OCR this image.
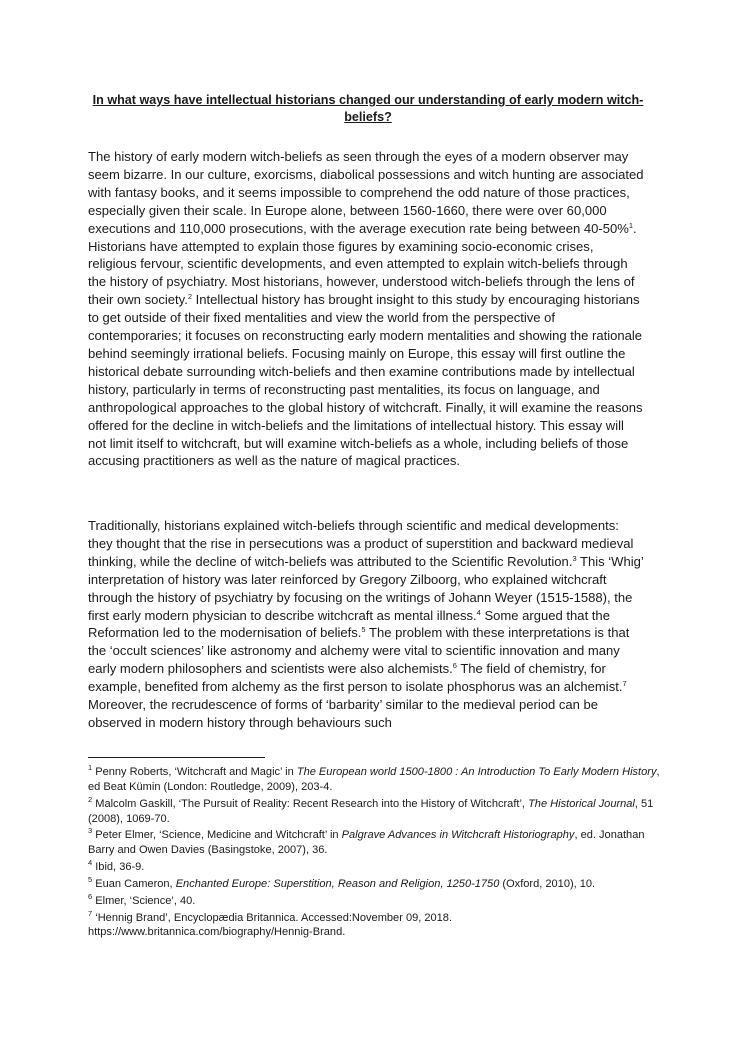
In what ways have intellectual historians changed our understanding of early modern witch-beliefs?

The history of early modern witch-beliefs as seen through the eyes of a modern observer may seem bizarre. In our culture, exorcisms, diabolical possessions and witch hunting are associated with fantasy books, and it seems impossible to comprehend the odd nature of those practices, especially given their scale. In Europe alone, between 1560-1660, there were over 60,000 executions and 110,000 prosecutions, with the average execution rate being between 40-50%$^1$. Historians have attempted to explain those figures by examining socio-economic crises, religious fervour, scientific developments, and even attempted to explain witch-beliefs through the history of psychiatry. Most historians, however, understood witch-beliefs through the lens of their own society.$^2$ Intellectual history has brought insight to this study by encouraging historians to get outside of their fixed mentalities and view the world from the perspective of contemporaries; it focuses on reconstructing early modern mentalities and showing the rationale behind seemingly irrational beliefs. Focusing mainly on Europe, this essay will first outline the historical debate surrounding witch-beliefs and then examine contributions made by intellectual history, particularly in terms of reconstructing past mentalities, its focus on language, and anthropological approaches to the global history of witchcraft. Finally, it will examine the reasons offered for the decline in witch-beliefs and the limitations of intellectual history. This essay will not limit itself to witchcraft, but will examine witch-beliefs as a whole, including beliefs of those accusing practitioners as well as the nature of magical practices.

Traditionally, historians explained witch-beliefs through scientific and medical developments: they thought that the rise in persecutions was a product of superstition and backward medieval thinking, while the decline of witch-beliefs was attributed to the Scientific Revolution.$^3$ This ‘Whig’ interpretation of history was later reinforced by Gregory Zilboorg, who explained witchcraft through the history of psychiatry by focusing on the writings of Johann Weyer (1515-1588), the first early modern physician to describe witchcraft as mental illness.$^4$ Some argued that the Reformation led to the modernisation of beliefs.$^5$ The problem with these interpretations is that the ‘occult sciences’ like astronomy and alchemy were vital to scientific innovation and many early modern philosophers and scientists were also alchemists.$^6$ The field of chemistry, for example, benefited from alchemy as the first person to isolate phosphorus was an alchemist.$^7$ Moreover, the recrudescence of forms of ‘barbarity’ similar to the medieval period can be observed in modern history through behaviours such

$^1$ Penny Roberts, ‘Witchcraft and Magic’ in The European world 1500-1800 : An Introduction To Early Modern History, ed Beat Kümin (London: Routledge, 2009), 203-4.
$^2$ Malcolm Gaskill, ‘The Pursuit of Reality: Recent Research into the History of Witchcraft’, The Historical Journal, 51 (2008), 1069-70.
$^3$ Peter Elmer, ‘Science, Medicine and Witchcraft’ in Palgrave Advances in Witchcraft Historiography, ed. Jonathan Barry and Owen Davies (Basingstoke, 2007), 36.
$^4$ Ibid, 36-9.
$^5$ Euan Cameron, Enchanted Europe: Superstition, Reason and Religion, 1250-1750 (Oxford, 2010), 10.
$^6$ Elmer, ‘Science’, 40.
$^7$ ‘Hennig Brand’, Encyclopædia Britannica. Accessed:November 09, 2018.
https://www.britannica.com/biography/Hennig-Brand.
